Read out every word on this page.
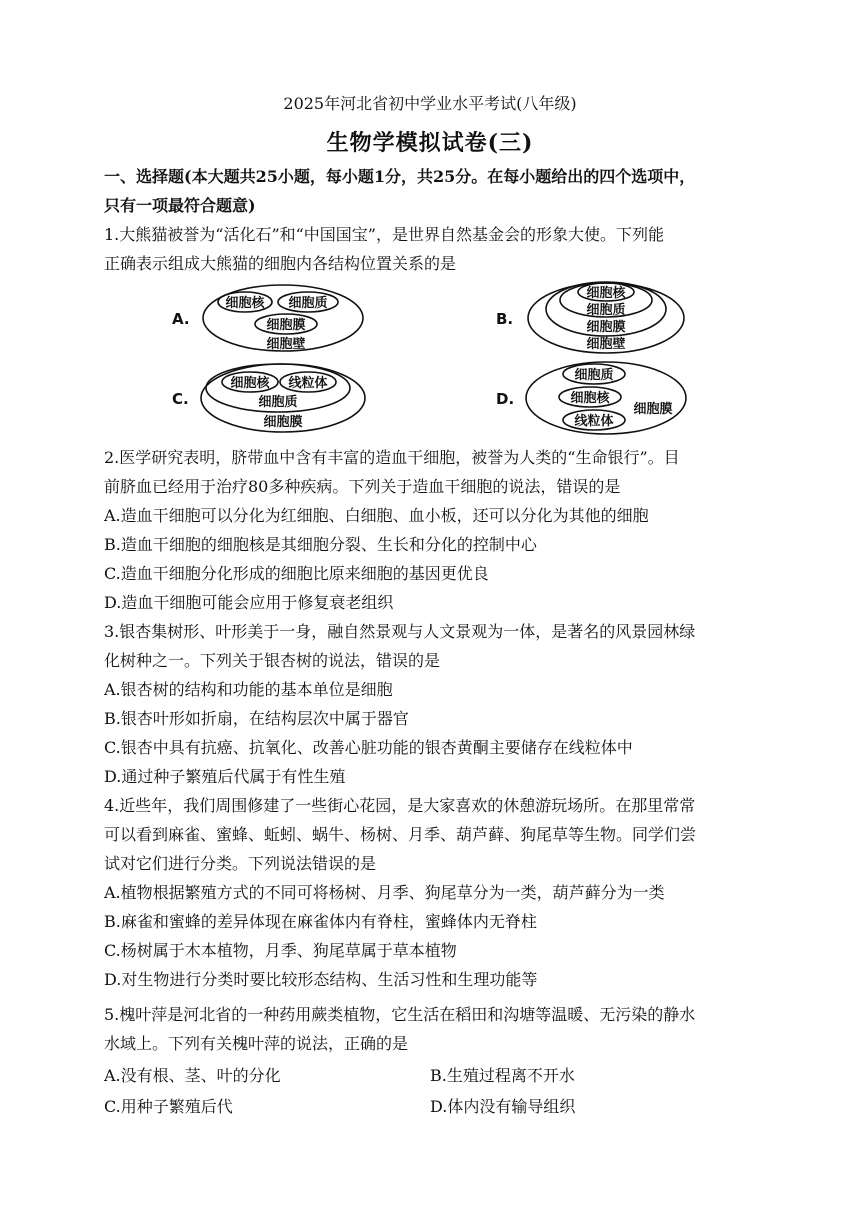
2025年河北省初中学业水平考试(八年级)
生物学模拟试卷(三)
一、选择题(本大题共25小题，每小题1分，共25分。在每小题给出的四个选项中，
只有一项最符合题意)
1.大熊猫被誉为“活化石”和“中国国宝”，是世界自然基金会的形象大使。下列能
正确表示组成大熊猫的细胞内各结构位置关系的是
A.
细胞核 细胞质
细胞膜
细胞壁
B.
细胞核
细胞质
细胞膜
细胞壁
C.
细胞核 线粒体
细胞质
细胞膜
D.
细胞质
细胞核
线粒体
细胞膜
2.医学研究表明，脐带血中含有丰富的造血干细胞，被誉为人类的“生命银行”。目
前脐血已经用于治疗80多种疾病。下列关于造血干细胞的说法，错误的是
A.造血干细胞可以分化为红细胞、白细胞、血小板，还可以分化为其他的细胞
B.造血干细胞的细胞核是其细胞分裂、生长和分化的控制中心
C.造血干细胞分化形成的细胞比原来细胞的基因更优良
D.造血干细胞可能会应用于修复衰老组织
3.银杏集树形、叶形美于一身，融自然景观与人文景观为一体，是著名的风景园林绿
化树种之一。下列关于银杏树的说法，错误的是
A.银杏树的结构和功能的基本单位是细胞
B.银杏叶形如折扇，在结构层次中属于器官
C.银杏中具有抗癌、抗氧化、改善心脏功能的银杏黄酮主要储存在线粒体中
D.通过种子繁殖后代属于有性生殖
4.近些年，我们周围修建了一些街心花园，是大家喜欢的休憩游玩场所。在那里常常
可以看到麻雀、蜜蜂、蚯蚓、蜗牛、杨树、月季、葫芦藓、狗尾草等生物。同学们尝
试对它们进行分类。下列说法错误的是
A.植物根据繁殖方式的不同可将杨树、月季、狗尾草分为一类，葫芦藓分为一类
B.麻雀和蜜蜂的差异体现在麻雀体内有脊柱，蜜蜂体内无脊柱
C.杨树属于木本植物，月季、狗尾草属于草本植物
D.对生物进行分类时要比较形态结构、生活习性和生理功能等
5.槐叶萍是河北省的一种药用蕨类植物，它生活在稻田和沟塘等温暖、无污染的静水
水域上。下列有关槐叶萍的说法，正确的是
A.没有根、茎、叶的分化	B.生殖过程离不开水
C.用种子繁殖后代	D.体内没有输导组织
